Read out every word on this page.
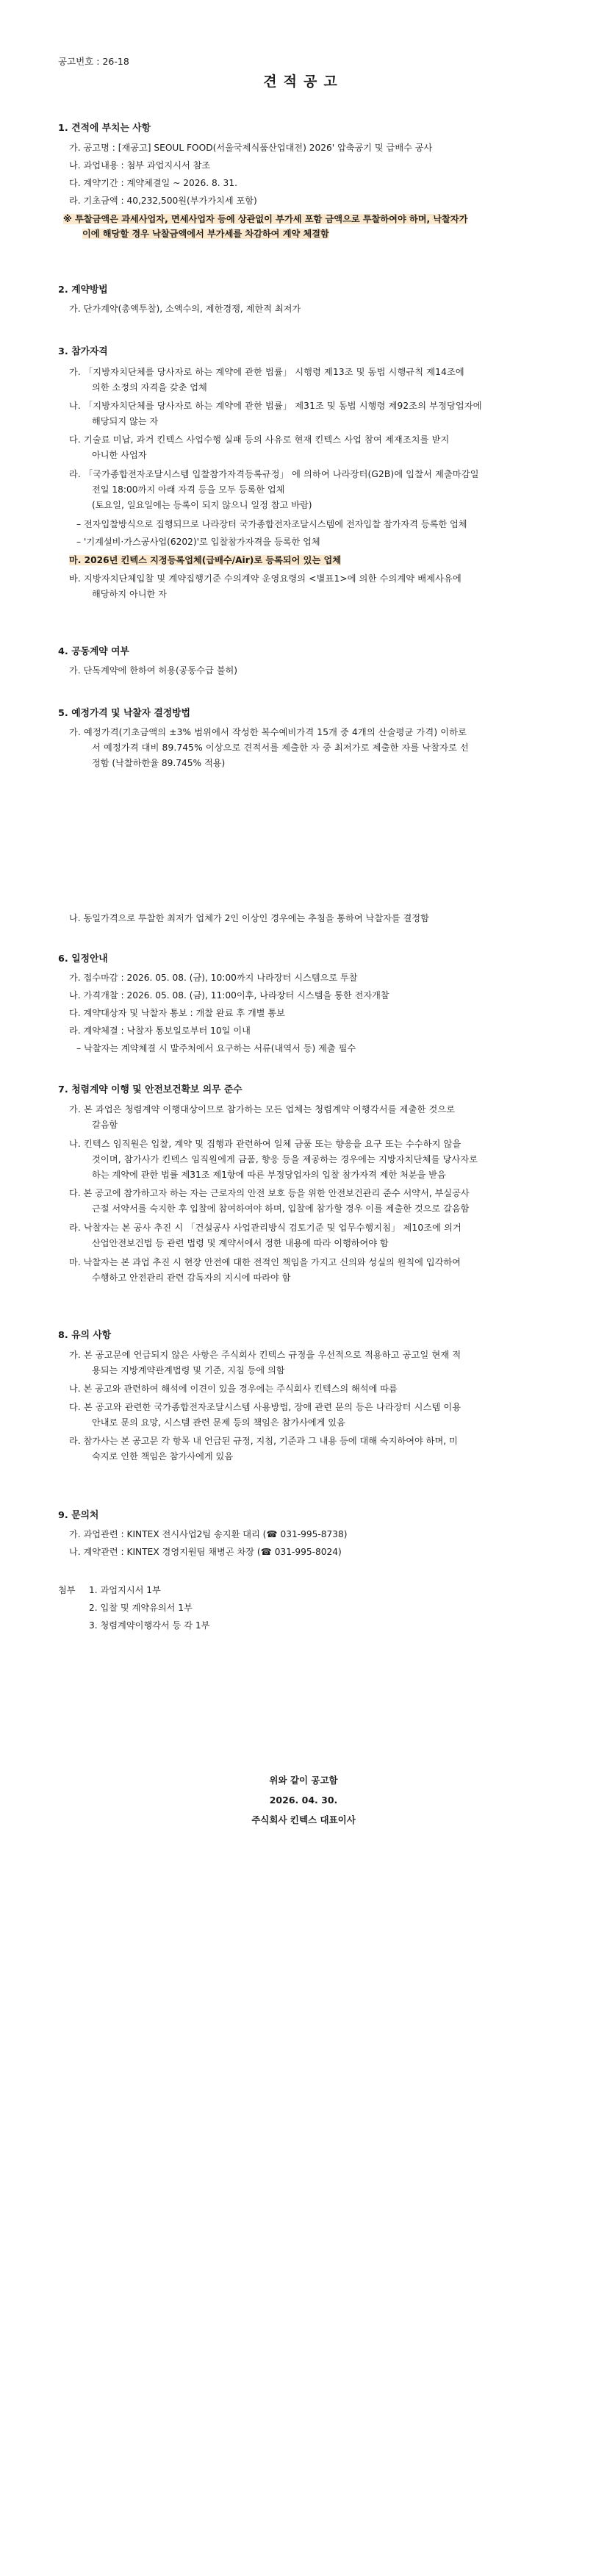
공고번호 : 26-18
견적공고
1. 견적에 부치는 사항
가. 공고명 : [재공고] SEOUL FOOD(서울국제식품산업대전) 2026' 압축공기 및 급배수 공사
나. 과업내용 : 첨부 과업지시서 참조
다. 계약기간 : 계약체결일 ~ 2026. 8. 31.
라. 기초금액 : 40,232,500원(부가가치세 포함)
※ 투찰금액은 과세사업자, 면세사업자 등에 상관없이 부가세 포함 금액으로 투찰하여야 하며, 낙찰자가
이에 해당할 경우 낙찰금액에서 부가세를 차감하여 계약 체결함
2. 계약방법
가. 단가계약(총액투찰), 소액수의, 제한경쟁, 제한적 최저가
3. 참가자격
가. 「지방자치단체를 당사자로 하는 계약에 관한 법률」 시행령 제13조 및 동법 시행규칙 제14조에
의한 소정의 자격을 갖춘 업체
나. 「지방자치단체를 당사자로 하는 계약에 관한 법률」 제31조 및 동법 시행령 제92조의 부정당업자에
해당되지 않는 자
다. 기술료 미납, 과거 킨텍스 사업수행 실패 등의 사유로 현재 킨텍스 사업 참여 제재조치를 받지
아니한 사업자
라. 「국가종합전자조달시스템 입찰참가자격등록규정」 에 의하여 나라장터(G2B)에 입찰서 제출마감일
전일 18:00까지 아래 자격 등을 모두 등록한 업체
(토요일, 일요일에는 등록이 되지 않으니 일정 참고 바람)
– 전자입찰방식으로 집행되므로 나라장터 국가종합전자조달시스템에 전자입찰 참가자격 등록한 업체
– '기계설비·가스공사업(6202)'로 입찰참가자격을 등록한 업체
마. 2026년 킨텍스 지정등록업체(급배수/Air)로 등록되어 있는 업체
바. 지방자치단체입찰 및 계약집행기준 수의계약 운영요령의 <별표1>에 의한 수의계약 배제사유에
해당하지 아니한 자
4. 공동계약 여부
가. 단독계약에 한하여 허용(공동수급 불허)
5. 예정가격 및 낙찰자 결정방법
가. 예정가격(기초금액의 ±3% 범위에서 작성한 복수예비가격 15개 중 4개의 산술평균 가격) 이하로
서 예정가격 대비 89.745% 이상으로 견적서를 제출한 자 중 최저가로 제출한 자를 낙찰자로 선
정함 (낙찰하한율 89.745% 적용)
나. 동일가격으로 투찰한 최저가 업체가 2인 이상인 경우에는 추첨을 통하여 낙찰자를 결정함
6. 일정안내
가. 접수마감 : 2026. 05. 08. (금), 10:00까지 나라장터 시스템으로 투찰
나. 가격개찰 : 2026. 05. 08. (금), 11:00이후, 나라장터 시스템을 통한 전자개찰
다. 계약대상자 및 낙찰자 통보 : 개찰 완료 후 개별 통보
라. 계약체결 : 낙찰자 통보일로부터 10일 이내
– 낙찰자는 계약체결 시 발주처에서 요구하는 서류(내역서 등) 제출 필수
7. 청렴계약 이행 및 안전보건확보 의무 준수
가. 본 과업은 청렴계약 이행대상이므로 참가하는 모든 업체는 청렴계약 이행각서를 제출한 것으로
갈음함
나. 킨텍스 임직원은 입찰, 계약 및 집행과 관련하여 일체 금품 또는 향응을 요구 또는 수수하지 않을
것이며, 참가사가 킨텍스 임직원에게 금품, 향응 등을 제공하는 경우에는 지방자치단체를 당사자로
하는 계약에 관한 법률 제31조 제1항에 따른 부정당업자의 입찰 참가자격 제한 처분을 받음
다. 본 공고에 참가하고자 하는 자는 근로자의 안전 보호 등을 위한 안전보건관리 준수 서약서, 부실공사
근절 서약서를 숙지한 후 입찰에 참여하여야 하며, 입찰에 참가할 경우 이를 제출한 것으로 갈음함
라. 낙찰자는 본 공사 추진 시 「건설공사 사업관리방식 검토기준 및 업무수행지침」 제10조에 의거
산업안전보건법 등 관련 법령 및 계약서에서 정한 내용에 따라 이행하여야 함
마. 낙찰자는 본 과업 추진 시 현장 안전에 대한 전적인 책임을 가지고 신의와 성실의 원칙에 입각하여
수행하고 안전관리 관련 감독자의 지시에 따라야 함
8. 유의 사항
가. 본 공고문에 언급되지 않은 사항은 주식회사 킨텍스 규정을 우선적으로 적용하고 공고일 현재 적
용되는 지방계약관계법령 및 기준, 지침 등에 의함
나. 본 공고와 관련하여 해석에 이견이 있을 경우에는 주식회사 킨텍스의 해석에 따름
다. 본 공고와 관련한 국가종합전자조달시스템 사용방법, 장애 관련 문의 등은 나라장터 시스템 이용
안내로 문의 요망, 시스템 관련 문제 등의 책임은 참가사에게 있음
라. 참가사는 본 공고문 각 항목 내 언급된 규정, 지침, 기준과 그 내용 등에 대해 숙지하여야 하며, 미
숙지로 인한 책임은 참가사에게 있음
9. 문의처
가. 과업관련 : KINTEX 전시사업2팀 송지환 대리 (☎ 031-995-8738)
나. 계약관련 : KINTEX 경영지원팀 채병곤 차장 (☎ 031-995-8024)
첨부 1. 과업지시서 1부
2. 입찰 및 계약유의서 1부
3. 청렴계약이행각서 등 각 1부
위와 같이 공고함
2026. 04. 30.
주식회사 킨텍스 대표이사
